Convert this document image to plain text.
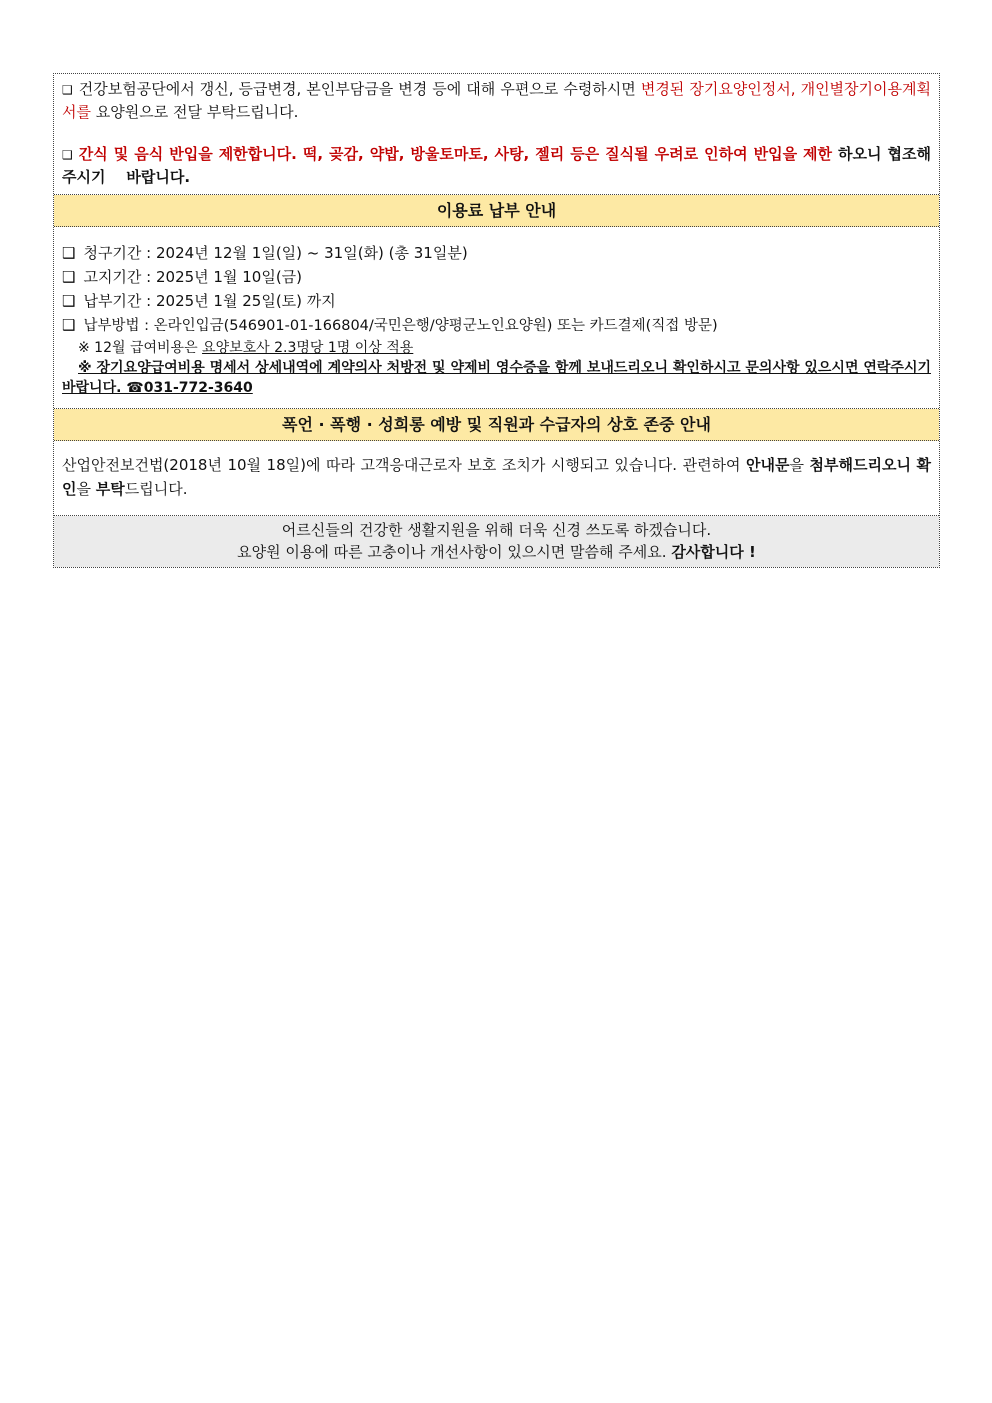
❑ 건강보험공단에서 갱신, 등급변경, 본인부담금을 변경 등에 대해 우편으로 수령하시면 변경된 장기요양인정서, 개인별장기이용계획서를 요양원으로 전달 부탁드립니다.
❑ 간식 및 음식 반입을 제한합니다. 떡, 곶감, 약밥, 방울토마토, 사탕, 젤리 등은 질식될 우려로 인하여 반입을 제한 하오니 협조해 주시기    바랍니다.
이용료 납부 안내
❑ 청구기간 : 2024년 12월 1일(일) ~ 31일(화) (총 31일분)
❑ 고지기간 : 2025년 1월 10일(금)
❑ 납부기간 : 2025년 1월 25일(토) 까지
❑ 납부방법 : 온라인입금(546901-01-166804/국민은행/양평군노인요양원) 또는 카드결제(직접 방문)
※ 12월 급여비용은 요양보호사 2.3명당 1명 이상 적용
※ 장기요양급여비용 명세서 상세내역에 계약의사 처방전 및 약제비 영수증을 함께 보내드리오니 확인하시고 문의사항 있으시면 연락주시기 바랍니다. ☎031-772-3640
폭언 · 폭행 · 성희롱 예방 및 직원과 수급자의 상호 존중 안내
산업안전보건법(2018년 10월 18일)에 따라 고객응대근로자 보호 조치가 시행되고 있습니다. 관련하여 안내문을 첨부해드리오니 확인을 부탁드립니다.
어르신들의 건강한 생활지원을 위해 더욱 신경 쓰도록 하겠습니다.
요양원 이용에 따른 고충이나 개선사항이 있으시면 말씀해 주세요. 감사합니다 !
